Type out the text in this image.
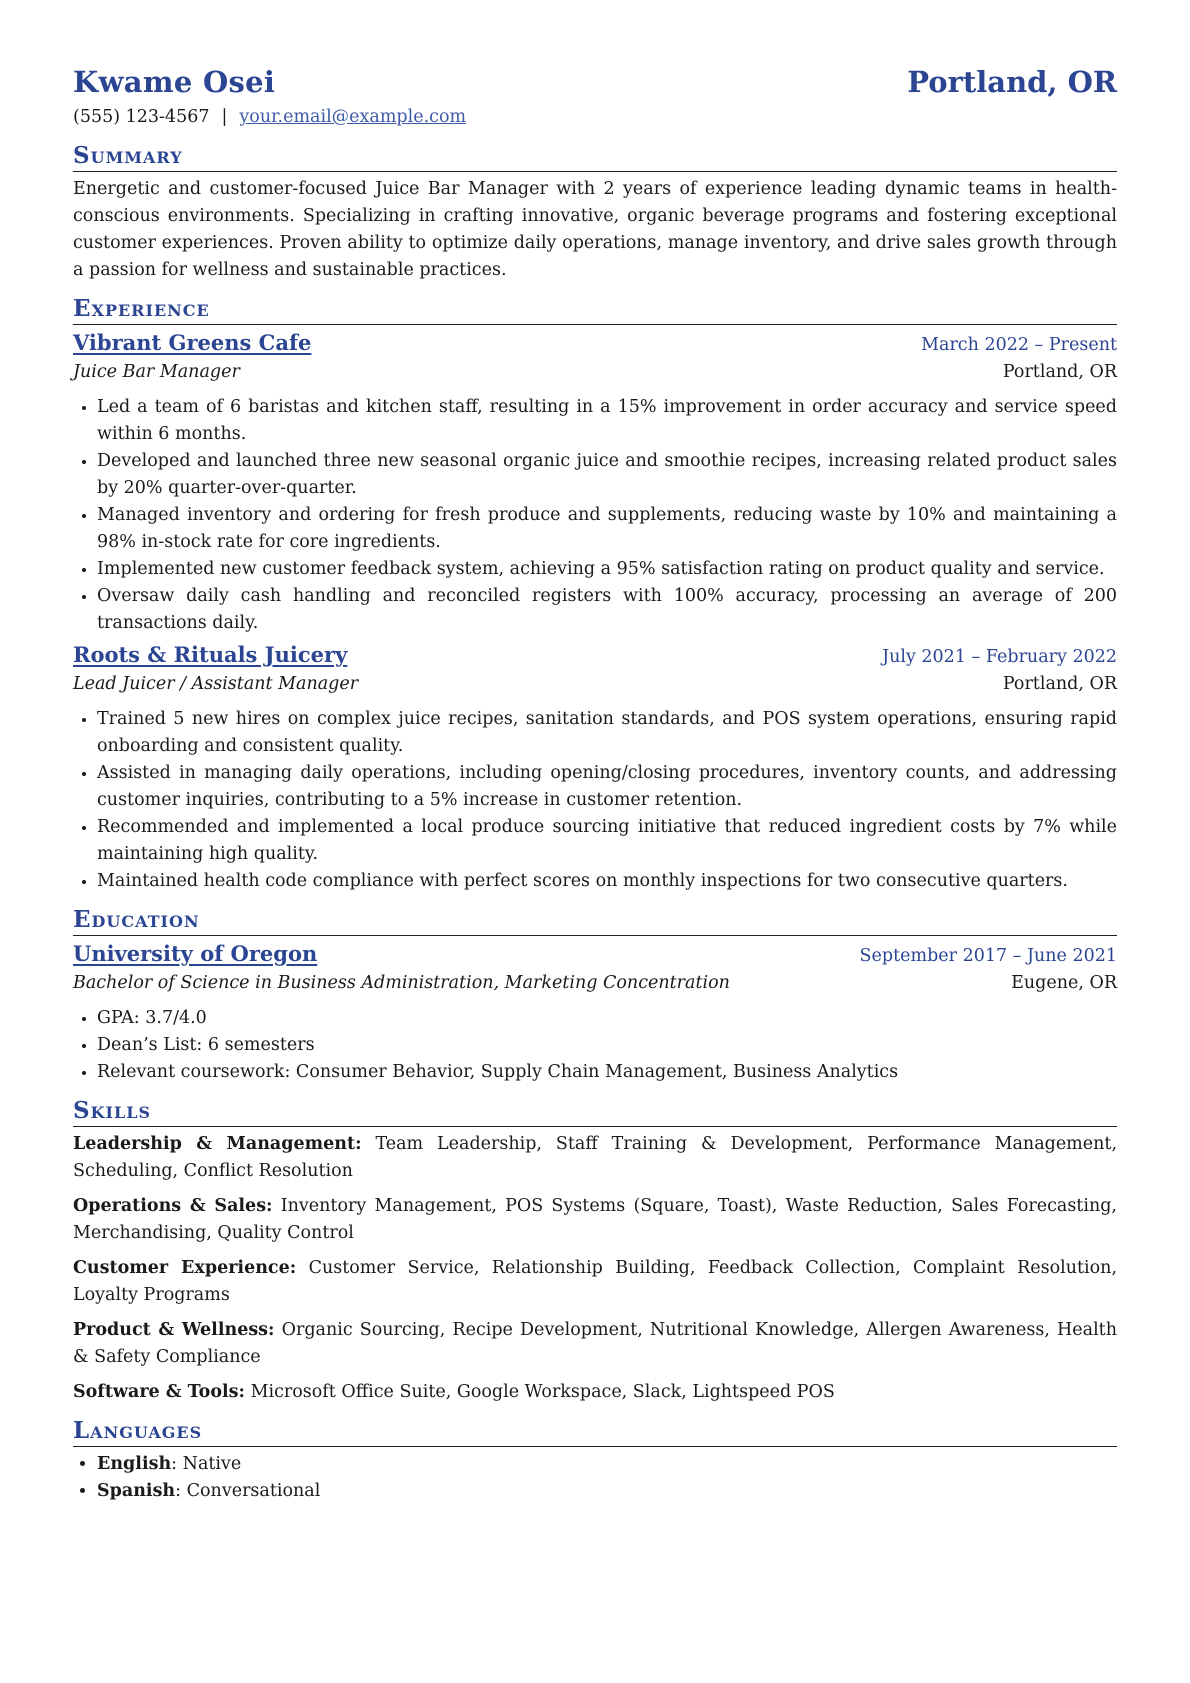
Kwame Osei	Portland, OR
(555) 123-4567 | your.email@example.com
Summary
Energetic and customer-focused Juice Bar Manager with 2 years of experience leading dynamic teams in health-conscious environments. Specializing in crafting innovative, organic beverage programs and fostering exceptional customer experiences. Proven ability to optimize daily operations, manage inventory, and drive sales growth through a passion for wellness and sustainable practices.
Experience
Vibrant Greens Cafe	March 2022 – Present
Juice Bar Manager	Portland, OR
• Led a team of 6 baristas and kitchen staff, resulting in a 15% improvement in order accuracy and service speed within 6 months.
• Developed and launched three new seasonal organic juice and smoothie recipes, increasing related product sales by 20% quarter-over-quarter.
• Managed inventory and ordering for fresh produce and supplements, reducing waste by 10% and maintaining a 98% in-stock rate for core ingredients.
• Implemented new customer feedback system, achieving a 95% satisfaction rating on product quality and service.
• Oversaw daily cash handling and reconciled registers with 100% accuracy, processing an average of 200 transactions daily.
Roots & Rituals Juicery	July 2021 – February 2022
Lead Juicer / Assistant Manager	Portland, OR
• Trained 5 new hires on complex juice recipes, sanitation standards, and POS system operations, ensuring rapid onboarding and consistent quality.
• Assisted in managing daily operations, including opening/closing procedures, inventory counts, and addressing customer inquiries, contributing to a 5% increase in customer retention.
• Recommended and implemented a local produce sourcing initiative that reduced ingredient costs by 7% while maintaining high quality.
• Maintained health code compliance with perfect scores on monthly inspections for two consecutive quarters.
Education
University of Oregon	September 2017 – June 2021
Bachelor of Science in Business Administration, Marketing Concentration	Eugene, OR
• GPA: 3.7/4.0
• Dean’s List: 6 semesters
• Relevant coursework: Consumer Behavior, Supply Chain Management, Business Analytics
Skills
Leadership & Management: Team Leadership, Staff Training & Development, Performance Management, Scheduling, Conflict Resolution
Operations & Sales: Inventory Management, POS Systems (Square, Toast), Waste Reduction, Sales Forecasting, Merchandising, Quality Control
Customer Experience: Customer Service, Relationship Building, Feedback Collection, Complaint Resolution, Loyalty Programs
Product & Wellness: Organic Sourcing, Recipe Development, Nutritional Knowledge, Allergen Awareness, Health & Safety Compliance
Software & Tools: Microsoft Office Suite, Google Workspace, Slack, Lightspeed POS
Languages
• English: Native
• Spanish: Conversational
